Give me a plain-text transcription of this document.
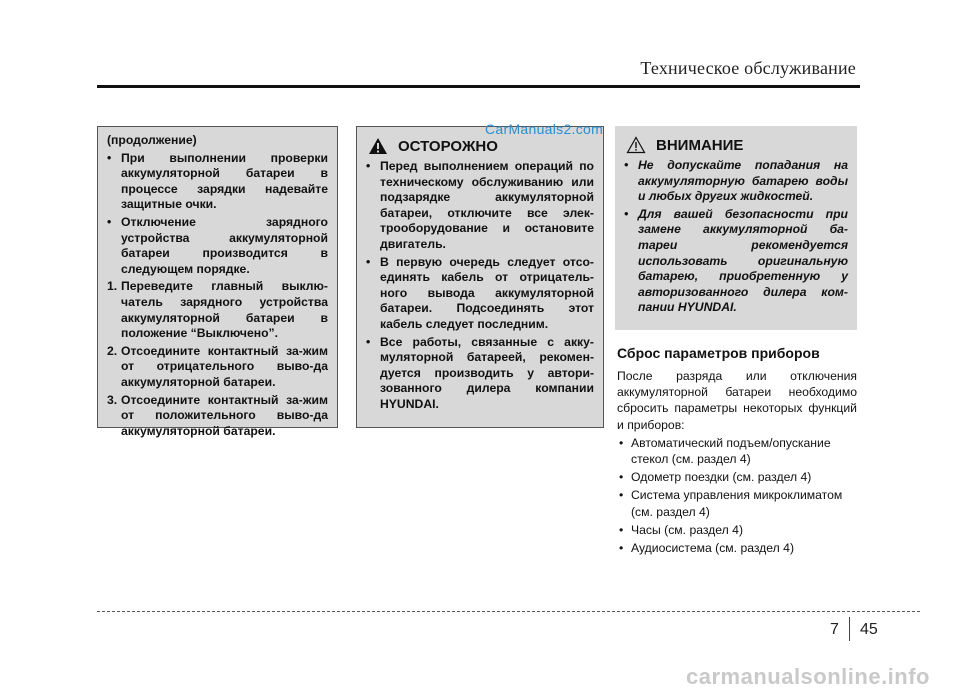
Техническое обслуживание
(продолжение)
• При выполнении проверки аккумуляторной батареи в процессе зарядки надевайте защитные очки.
• Отключение зарядного устройства аккумуляторной батареи производится в следующем порядке.
1. Переведите главный выклю-чатель зарядного устройства аккумуляторной батареи в положение “Выключено”.
2. Отсоедините контактный за-жим от отрицательного выво-да аккумуляторной батареи.
3. Отсоедините контактный за-жим от положительного выво-да аккумуляторной батареи.
ОСТОРОЖНО
• Перед выполнением операций по техническому обслуживанию или подзарядке аккумуляторной батареи, отключите все элек-трооборудование и остановите двигатель.
• В первую очередь следует отсо-единять кабель от отрицатель-ного вывода аккумуляторной батареи. Подсоединять этот кабель следует последним.
• Все работы, связанные с акку-муляторной батареей, рекомен-дуется производить у автори-зованного дилера компании HYUNDAI.
CarManuals2.com
ВНИМАНИЕ
• Не допускайте попадания на аккумуляторную батарею воды и любых других жидкостей.
• Для вашей безопасности при замене аккумуляторной ба-тареи рекомендуется использовать оригинальную батарею, приобретенную у авторизованного дилера ком-пании HYUNDAI.
Сброс параметров приборов
После разряда или отключения аккумуляторной батареи необходимо сбросить параметры некоторых функций и приборов:
• Автоматический подъем/опускание стекол (см. раздел 4)
• Одометр поездки (см. раздел 4)
• Система управления микроклиматом (см. раздел 4)
• Часы (см. раздел 4)
• Аудиосистема (см. раздел 4)
7 45
carmanualsonline.info
